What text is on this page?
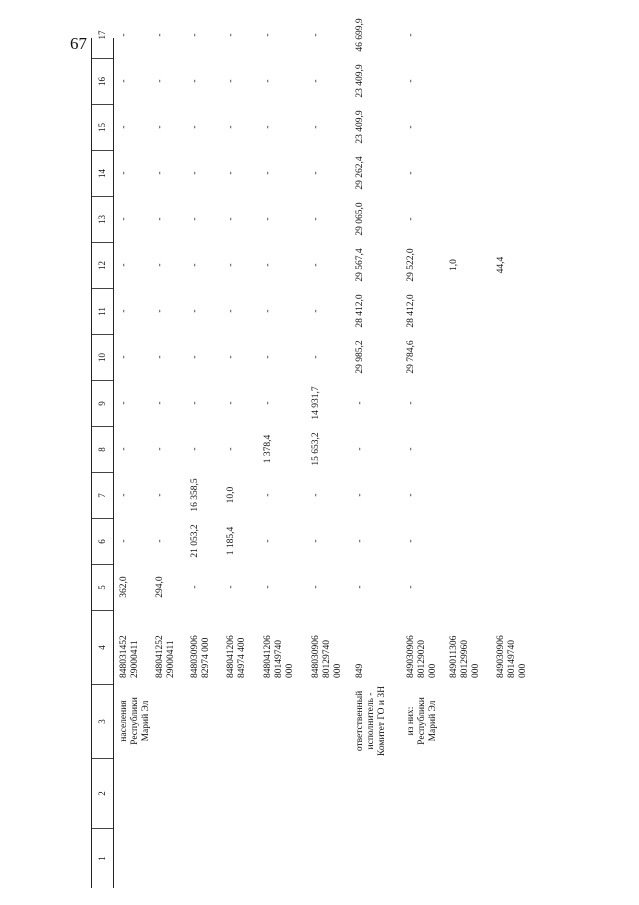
67
1
2
3
4
5
6
7
8
9
10
11
12
13
14
15
16
17
населения Республики Марий Эл
848031452 29000411
362,0
-
-
-
-
-
-
-
-
-
-
-
-
848041252 29000411
294,0
-
-
-
-
-
-
-
-
-
-
-
-
848030906 82974 000
-
21 053,2
16 358,5
-
-
-
-
-
-
-
-
-
-
848041206 84974 400
-
1 185,4
10,0
-
-
-
-
-
-
-
-
-
-
848041206 80149740 000
-
-
-
1 378,4
-
-
-
-
-
-
-
-
-
848030906 80129740 000
-
-
-
15 653,2
14 931,7
-
-
-
-
-
-
-
-
ответственный исполнитель - Комитет ГО и ЗН
849
-
-
-
-
-
29 985,2
28 412,0
29 567,4
29 065,0
29 262,4
23 409,9
23 409,9
46 699,9
из них: Республики Марий Эл
849030906 80129020 000
-
-
-
-
-
29 784,6
28 412,0
29 522,0
-
-
-
-
-
849011306 80129960 000
1,0
849030906 80149740 000
44,4
